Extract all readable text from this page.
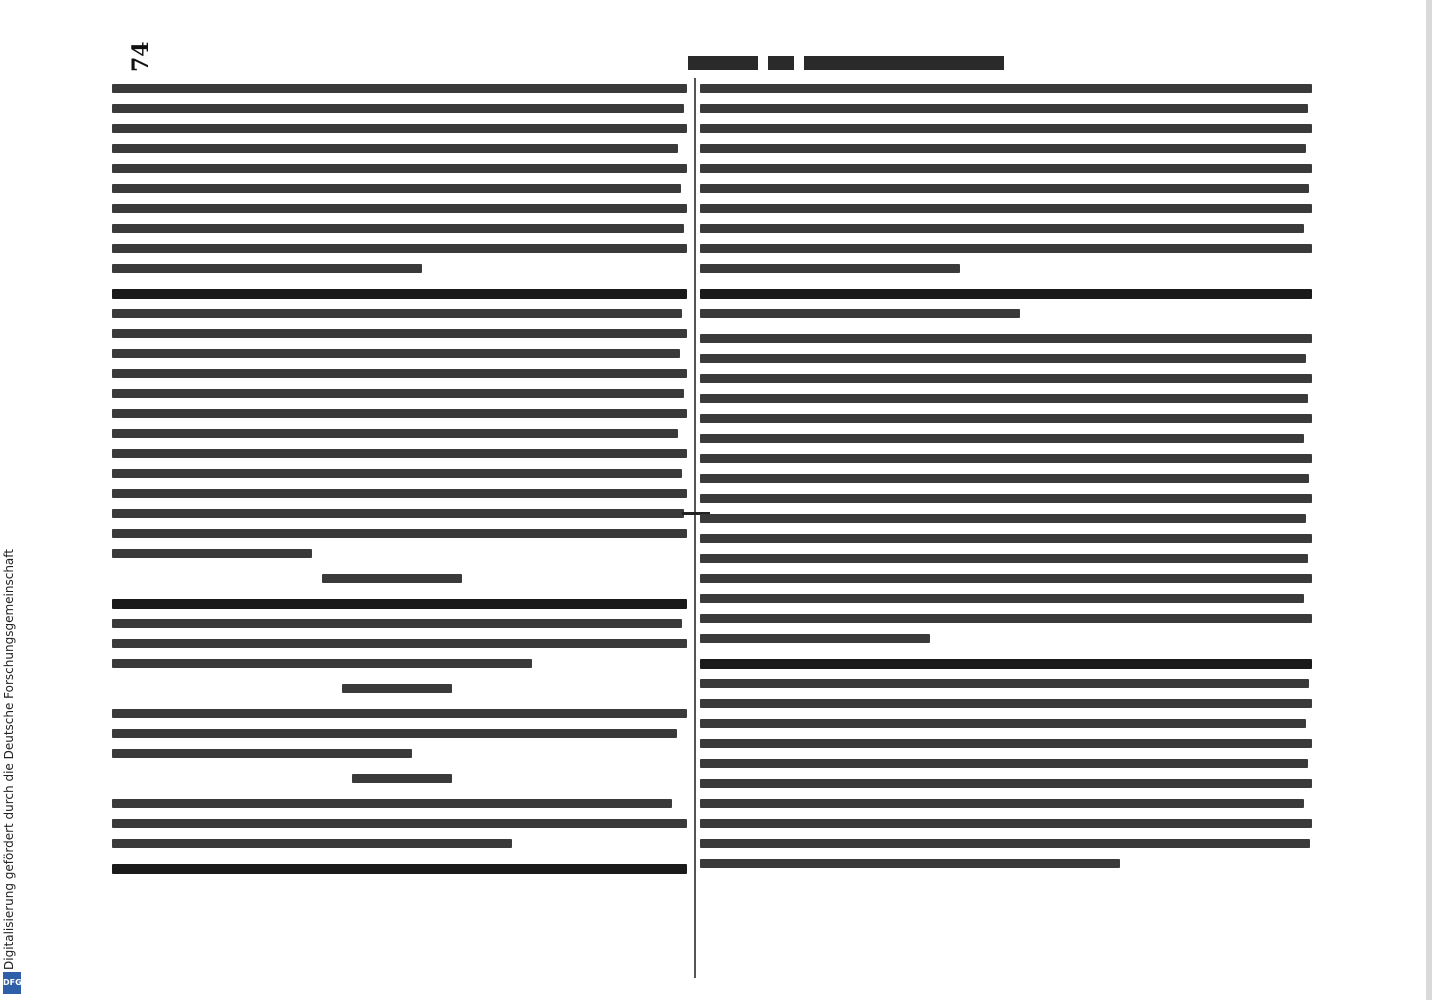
74
Digitalisierung gefördert durch die Deutsche Forschungsgemeinschaft
DFG
